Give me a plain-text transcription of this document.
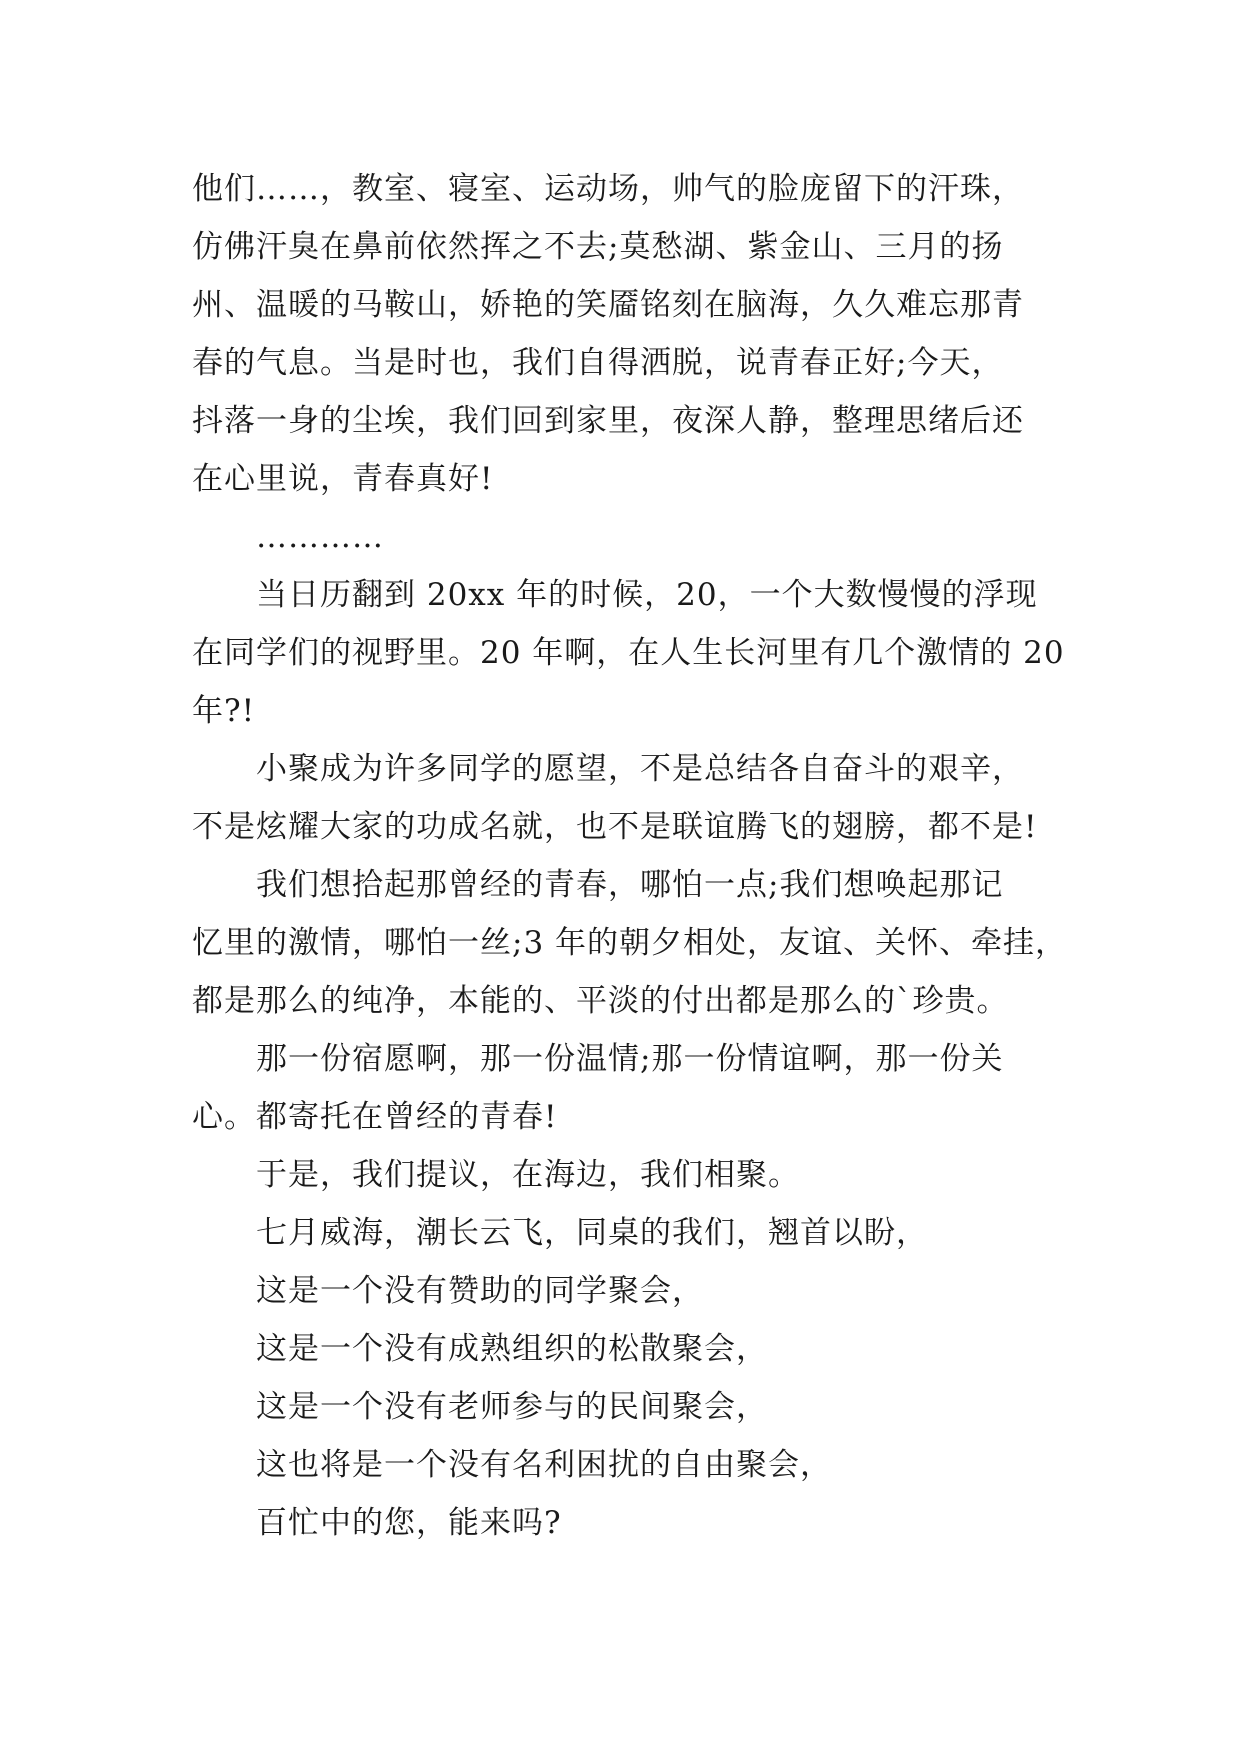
他们……，教室、寝室、运动场，帅气的脸庞留下的汗珠，
仿佛汗臭在鼻前依然挥之不去;莫愁湖、紫金山、三月的扬
州、温暖的马鞍山，娇艳的笑靥铭刻在脑海，久久难忘那青
春的气息。当是时也，我们自得洒脱，说青春正好;今天，
抖落一身的尘埃，我们回到家里，夜深人静，整理思绪后还
在心里说，青春真好!
…………
当日历翻到 20xx 年的时候，20，一个大数慢慢的浮现
在同学们的视野里。20 年啊，在人生长河里有几个激情的 20
年?!
小聚成为许多同学的愿望，不是总结各自奋斗的艰辛，
不是炫耀大家的功成名就，也不是联谊腾飞的翅膀，都不是!
我们想拾起那曾经的青春，哪怕一点;我们想唤起那记
忆里的激情，哪怕一丝;3 年的朝夕相处，友谊、关怀、牵挂，
都是那么的纯净，本能的、平淡的付出都是那么的`珍贵。
那一份宿愿啊，那一份温情;那一份情谊啊，那一份关
心。都寄托在曾经的青春!
于是，我们提议，在海边，我们相聚。
七月威海，潮长云飞，同桌的我们，翘首以盼，
这是一个没有赞助的同学聚会，
这是一个没有成熟组织的松散聚会，
这是一个没有老师参与的民间聚会，
这也将是一个没有名利困扰的自由聚会，
百忙中的您，能来吗?
